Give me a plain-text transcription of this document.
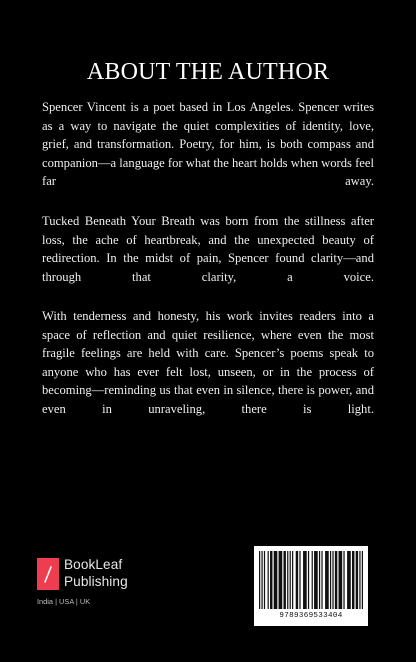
ABOUT THE AUTHOR

Spencer Vincent is a poet based in Los Angeles. Spencer writes as a way to navigate the quiet complexities of identity, love, grief, and transformation. Poetry, for him, is both compass and companion—a language for what the heart holds when words feel far away.

Tucked Beneath Your Breath was born from the stillness after loss, the ache of heartbreak, and the unexpected beauty of redirection. In the midst of pain, Spencer found clarity—and through that clarity, a voice.

With tenderness and honesty, his work invites readers into a space of reflection and quiet resilience, where even the most fragile feelings are held with care. Spencer’s poems speak to anyone who has ever felt lost, unseen, or in the process of becoming—reminding us that even in silence, there is power, and even in unraveling, there is light.

BookLeaf
Publishing
India | USA | UK
9789369533404
